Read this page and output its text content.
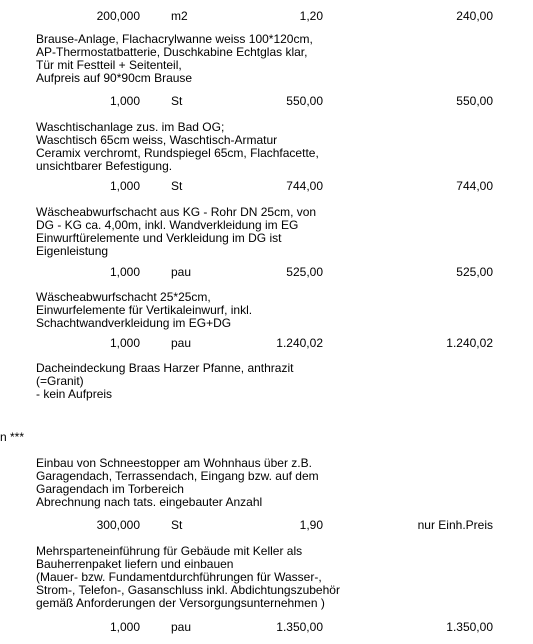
200,000	m2	1,20	240,00
Brause-Anlage, Flachacrylwanne weiss 100*120cm,
AP-Thermostatbatterie, Duschkabine Echtglas klar,
Tür mit Festteil + Seitenteil,
Aufpreis auf 90*90cm Brause
1,000	St	550,00	550,00
Waschtischanlage zus. im Bad OG;
Waschtisch 65cm weiss, Waschtisch-Armatur
Ceramix verchromt, Rundspiegel 65cm, Flachfacette,
unsichtbarer Befestigung.
1,000	St	744,00	744,00
Wäscheabwurfschacht aus KG - Rohr DN 25cm, von
DG - KG ca. 4,00m, inkl. Wandverkleidung im EG
Einwurftürelemente und Verkleidung im DG ist
Eigenleistung
1,000	pau	525,00	525,00
Wäscheabwurfschacht 25*25cm,
Einwurfelemente für Vertikaleinwurf, inkl.
Schachtwandverkleidung im EG+DG
1,000	pau	1.240,02	1.240,02
Dacheindeckung Braas Harzer Pfanne, anthrazit
(=Granit)
- kein Aufpreis
n ***
Einbau von Schneestopper am Wohnhaus über z.B.
Garagendach, Terrassendach, Eingang bzw. auf dem
Garagendach im Torbereich
Abrechnung nach tats. eingebauter Anzahl
300,000	St	1,90	nur Einh.Preis
Mehrsparteneinführung für Gebäude mit Keller als
Bauherrenpaket liefern und einbauen
(Mauer- bzw. Fundamentdurchführungen für Wasser-,
Strom-, Telefon-, Gasanschluss inkl. Abdichtungszubehör
gemäß Anforderungen der Versorgungsunternehmen )
1,000	pau	1.350,00	1.350,00
